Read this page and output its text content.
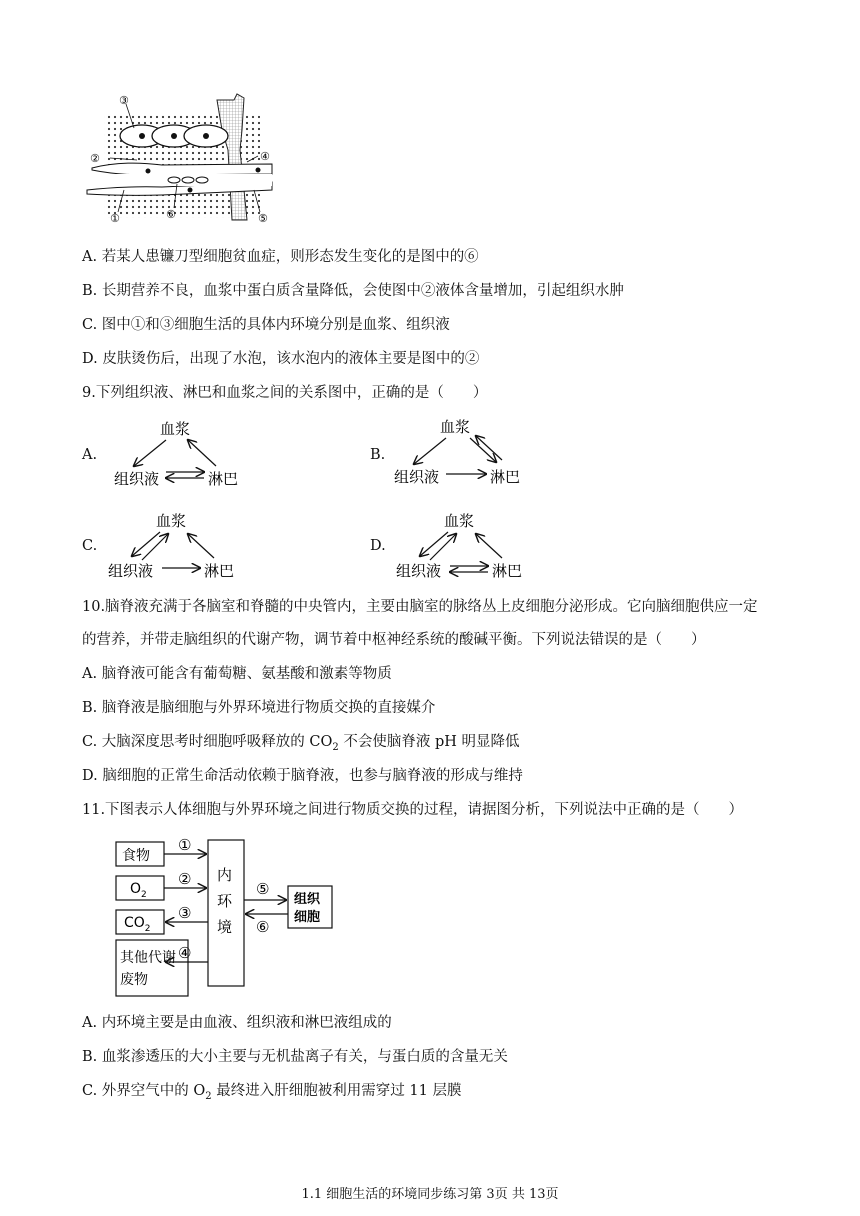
③
②	④
①	⑥	⑤
A. 若某人患镰刀型细胞贫血症，则形态发生变化的是图中的⑥
B. 长期营养不良，血浆中蛋白质含量降低，会使图中②液体含量增加，引起组织水肿
C. 图中①和③细胞生活的具体内环境分别是血浆、组织液
D. 皮肤烫伤后，出现了水泡，该水泡内的液体主要是图中的②
9.下列组织液、淋巴和血浆之间的关系图中，正确的是（　　）
A.
血浆
组织液	淋巴
B.
血浆
组织液	淋巴
C.
血浆
组织液	淋巴
D.
血浆
组织液	淋巴
10.脑脊液充满于各脑室和脊髓的中央管内，主要由脑室的脉络丛上皮细胞分泌形成。它向脑细胞供应一定
的营养，并带走脑组织的代谢产物，调节着中枢神经系统的酸碱平衡。下列说法错误的是（　　）
A. 脑脊液可能含有葡萄糖、氨基酸和激素等物质
B. 脑脊液是脑细胞与外界环境进行物质交换的直接媒介
C. 大脑深度思考时细胞呼吸释放的 $CO_2$ 不会使脑脊液 pH 明显降低
D. 脑细胞的正常生命活动依赖于脑脊液，也参与脑脊液的形成与维持
11.下图表示人体细胞与外界环境之间进行物质交换的过程，请据图分析，下列说法中正确的是（　　）
食物
$O_2$
$CO_2$
其他代谢
废物
内
环
境
组织
细胞
①
②
③
④
⑤
⑥
A. 内环境主要是由血液、组织液和淋巴液组成的
B. 血浆渗透压的大小主要与无机盐离子有关，与蛋白质的含量无关
C. 外界空气中的 $O_2$ 最终进入肝细胞被利用需穿过 11 层膜
1.1 细胞生活的环境同步练习第 3页 共 13页
